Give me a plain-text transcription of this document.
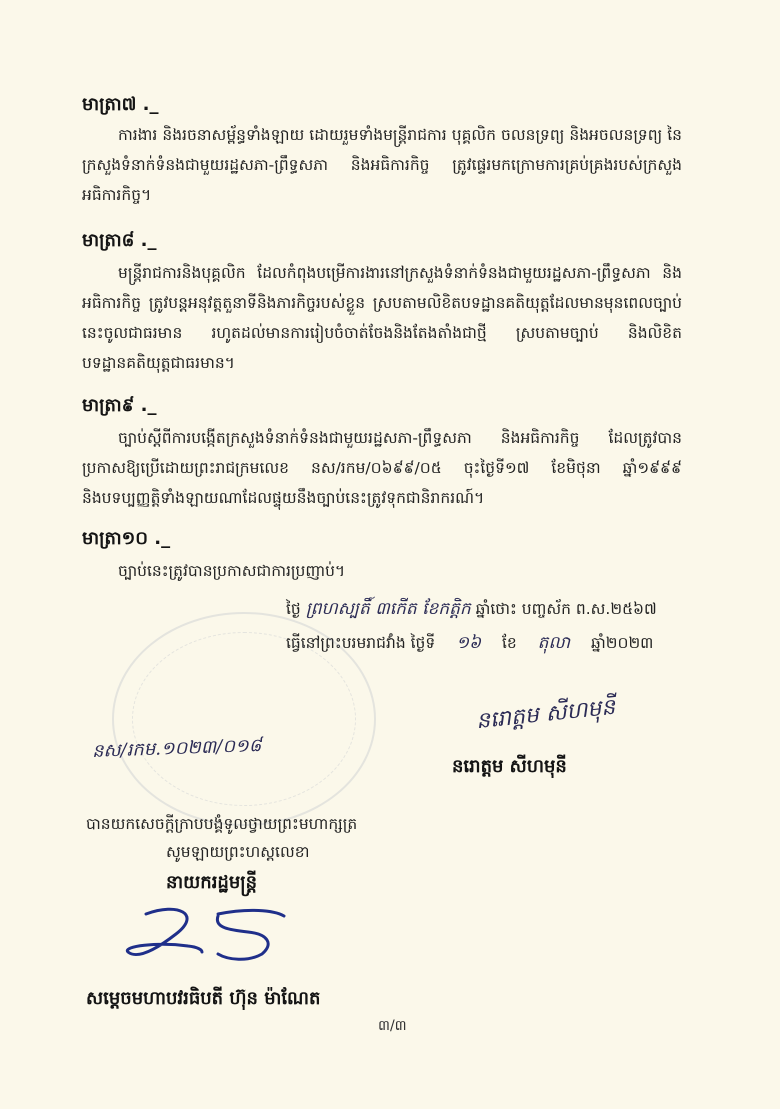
មាត្រា៧ ._
ការងារ និងរចនាសម្ព័ន្ធទាំងឡាយ ដោយរួមទាំងមន្ត្រីរាជការ បុគ្គលិក ចលនទ្រព្យ និងអចលនទ្រព្យ នៃក្រសួងទំនាក់ទំនងជាមួយរដ្ឋសភា-ព្រឹទ្ធសភា និងអធិការកិច្ច ត្រូវផ្ទេរមកក្រោមការគ្រប់គ្រងរបស់ក្រសួងអធិការកិច្ច។
មាត្រា៨ ._
មន្ត្រីរាជការនិងបុគ្គលិក ដែលកំពុងបម្រើការងារនៅក្រសួងទំនាក់ទំនងជាមួយរដ្ឋសភា-ព្រឹទ្ធសភា និងអធិការកិច្ច ត្រូវបន្តអនុវត្តតួនាទីនិងភារកិច្ចរបស់ខ្លួន ស្របតាមលិខិតបទដ្ឋានគតិយុត្តដែលមានមុនពេលច្បាប់នេះចូលជាធរមាន រហូតដល់មានការរៀបចំចាត់ចែងនិងតែងតាំងជាថ្មី ស្របតាមច្បាប់ និងលិខិតបទដ្ឋានគតិយុត្តជាធរមាន។
មាត្រា៩ ._
ច្បាប់ស្តីពីការបង្កើតក្រសួងទំនាក់ទំនងជាមួយរដ្ឋសភា-ព្រឹទ្ធសភា និងអធិការកិច្ច ដែលត្រូវបានប្រកាសឱ្យប្រើដោយព្រះរាជក្រមលេខ នស/រកម/០៦៩៩/០៥ ចុះថ្ងៃទី១៧ ខែមិថុនា ឆ្នាំ១៩៩៩ និងបទប្បញ្ញត្តិទាំងឡាយណាដែលផ្ទុយនឹងច្បាប់នេះត្រូវទុកជានិរាករណ៍។
មាត្រា១០ ._
ច្បាប់នេះត្រូវបានប្រកាសជាការប្រញាប់។
ថ្ងៃ ព្រហស្បតិ៍ ៣កើត ខែកត្តិក ឆ្នាំថោះ បញ្ចស័ក ព.ស.២៥៦៧
ធ្វើនៅព្រះបរមរាជវាំង ថ្ងៃទី ១៦ ខែ តុលា ឆ្នាំ២០២៣
នរោត្តម សីហមុនី
នរោត្តម សីហមុនី
នស/រកម.១០២៣/០១៨
បានយកសេចក្តីក្រាបបង្គំទូលថ្វាយព្រះមហាក្សត្រ
សូមឡាយព្រះហស្តលេខា
នាយករដ្ឋមន្ត្រី
សម្តេចមហាបវរធិបតី ហ៊ុន ម៉ាណែត
៣/៣
